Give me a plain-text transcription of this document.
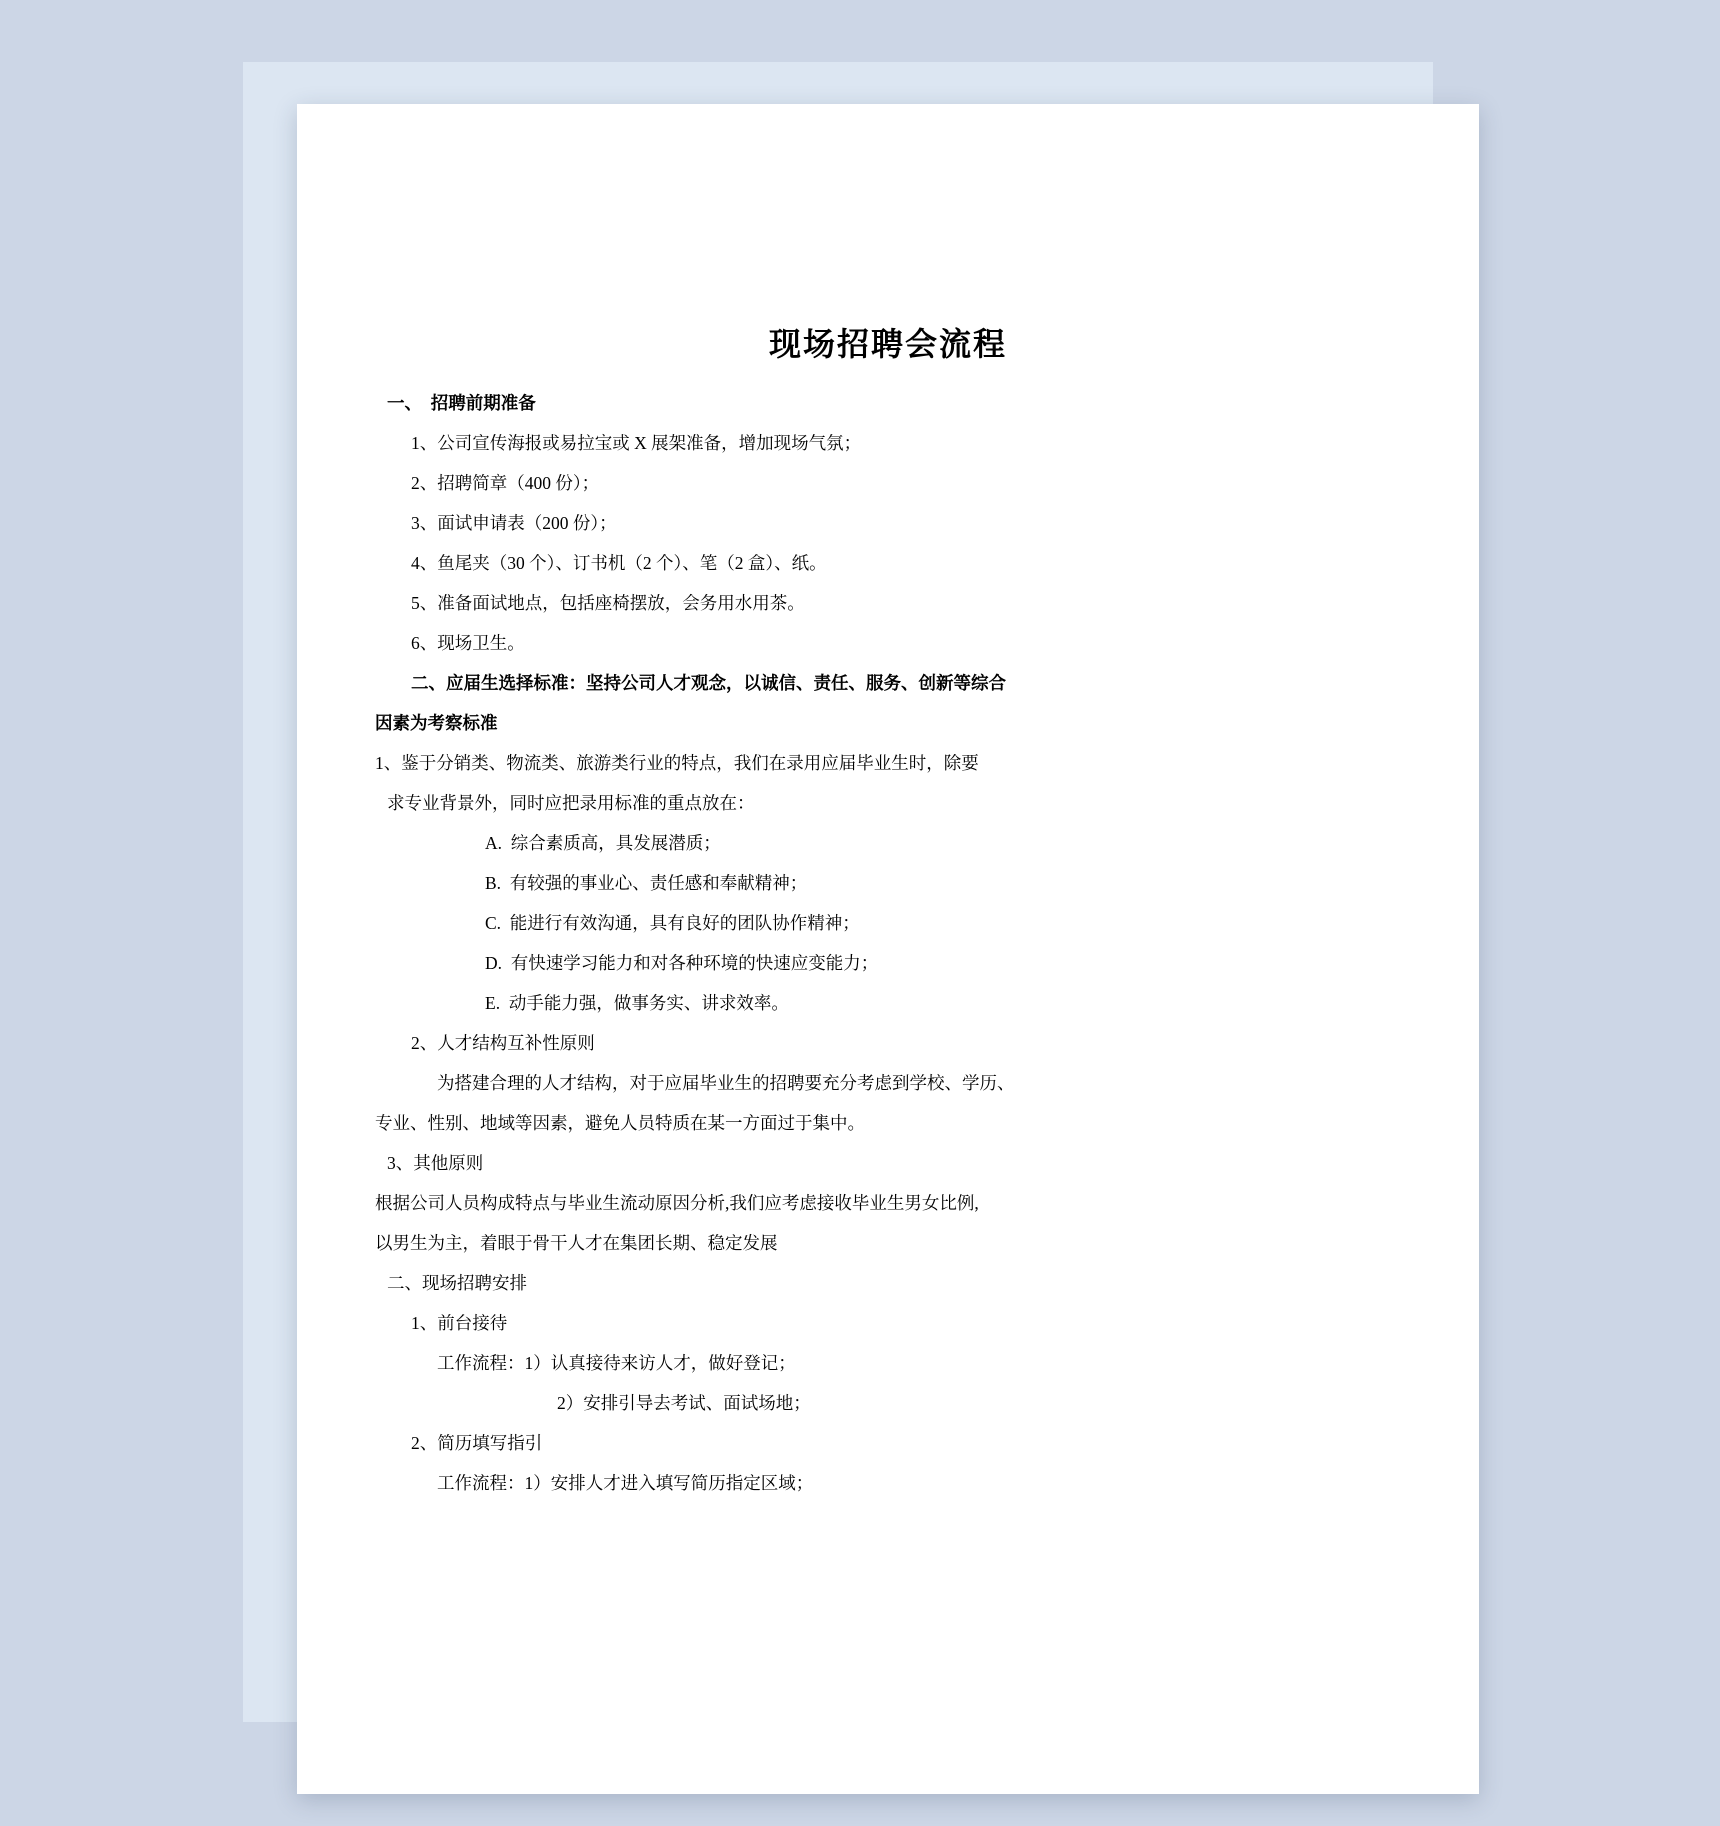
现场招聘会流程

一、  招聘前期准备

1、公司宣传海报或易拉宝或 X 展架准备，增加现场气氛；

2、招聘简章（400 份）；

3、面试申请表（200 份）；

4、鱼尾夹（30 个）、订书机（2 个）、笔（2 盒）、纸。

5、准备面试地点，包括座椅摆放，会务用水用茶。

6、现场卫生。

二、应届生选择标准：坚持公司人才观念，以诚信、责任、服务、创新等综合

因素为考察标准

1、鉴于分销类、物流类、旅游类行业的特点，我们在录用应届毕业生时，除要

求专业背景外，同时应把录用标准的重点放在：

A.  综合素质高，具发展潜质；

B.  有较强的事业心、责任感和奉献精神；

C.  能进行有效沟通，具有良好的团队协作精神；

D.  有快速学习能力和对各种环境的快速应变能力；

E.  动手能力强，做事务实、讲求效率。

2、人才结构互补性原则

为搭建合理的人才结构，对于应届毕业生的招聘要充分考虑到学校、学历、

专业、性别、地域等因素，避免人员特质在某一方面过于集中。

3、其他原则

根据公司人员构成特点与毕业生流动原因分析,我们应考虑接收毕业生男女比例,

以男生为主，着眼于骨干人才在集团长期、稳定发展

二、现场招聘安排

1、前台接待

工作流程：1）认真接待来访人才，做好登记；

2）安排引导去考试、面试场地；

2、简历填写指引

工作流程：1）安排人才进入填写简历指定区域；
